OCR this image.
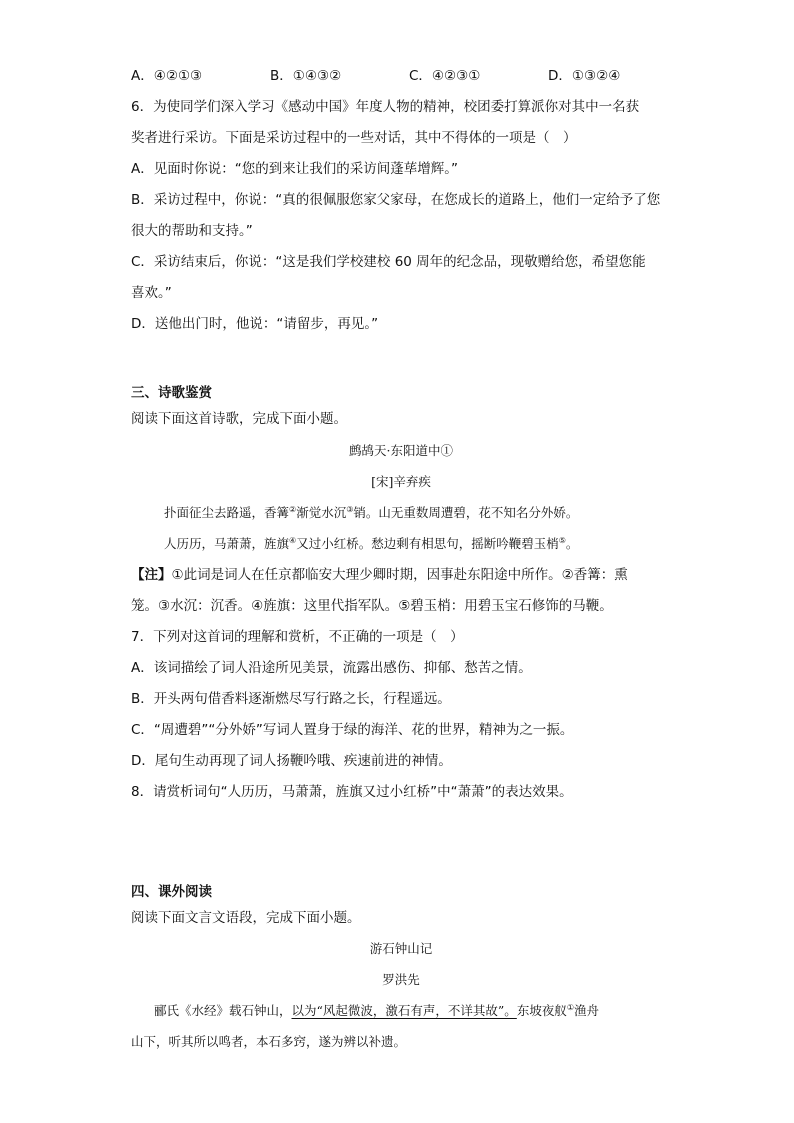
A．④②①③	B．①④③②	C．④②③①	D．①③②④
6．为使同学们深入学习《感动中国》年度人物的精神，校团委打算派你对其中一名获
奖者进行采访。下面是采访过程中的一些对话，其中不得体的一项是（　）
A．见面时你说：“您的到来让我们的采访间蓬荜增辉。”
B．采访过程中，你说：“真的很佩服您家父家母，在您成长的道路上，他们一定给予了您
很大的帮助和支持。”
C．采访结束后，你说：“这是我们学校建校 60 周年的纪念品，现敬赠给您，希望您能
喜欢。”
D．送他出门时，他说：“请留步，再见。”
三、诗歌鉴赏
阅读下面这首诗歌，完成下面小题。
鹧鸪天·东阳道中①
[宋]辛弃疾
扑面征尘去路遥，香篝②渐觉水沉③销。山无重数周遭碧，花不知名分外娇。
人历历，马萧萧，旌旗④又过小红桥。愁边剩有相思句，摇断吟鞭碧玉梢⑤。
【注】①此词是词人在任京都临安大理少卿时期，因事赴东阳途中所作。②香篝：熏
笼。③水沉：沉香。④旌旗：这里代指军队。⑤碧玉梢：用碧玉宝石修饰的马鞭。
7．下列对这首词的理解和赏析，不正确的一项是（　）
A．该词描绘了词人沿途所见美景，流露出感伤、抑郁、愁苦之情。
B．开头两句借香料逐渐燃尽写行路之长，行程遥远。
C．“周遭碧”“分外娇”写词人置身于绿的海洋、花的世界，精神为之一振。
D．尾句生动再现了词人扬鞭吟哦、疾速前进的神情。
8．请赏析词句“人历历，马萧萧，旌旗又过小红桥”中“萧萧”的表达效果。
四、课外阅读
阅读下面文言文语段，完成下面小题。
游石钟山记
罗洪先
郦氏《水经》载石钟山，以为“风起微波，激石有声，不详其故”。东坡夜舣①渔舟
山下，听其所以鸣者，本石多窍，遂为辨以补遗。
